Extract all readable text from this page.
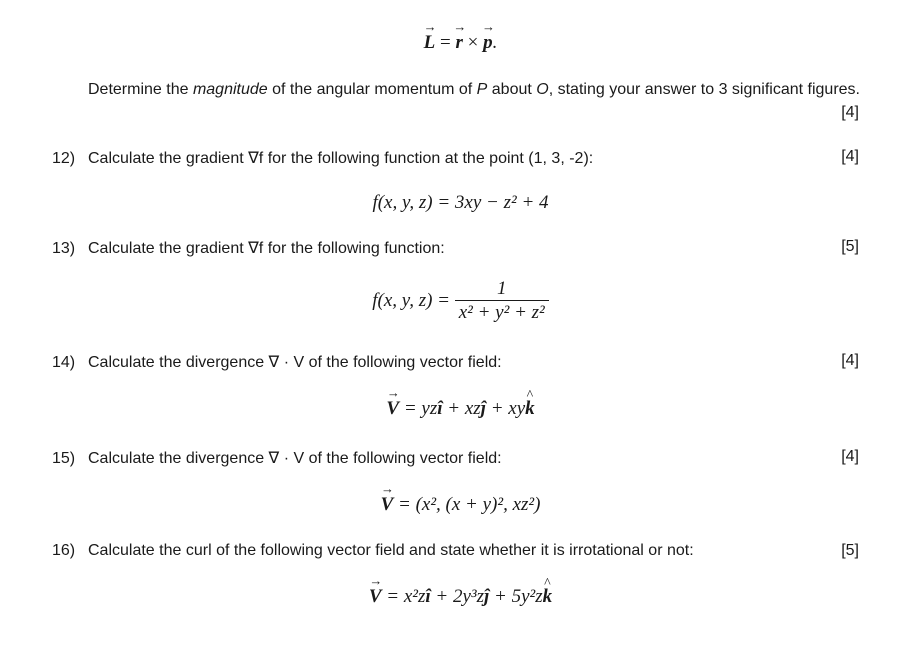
→ L = → r × → p.
Determine the magnitude of the angular momentum of P about O, stating your answer to 3 significant figures.
[4]
12) Calculate the gradient ∇f for the following function at the point (1, 3, -2):	[4]
f(x, y, z) = 3xy − z² + 4
13) Calculate the gradient ∇f for the following function:	[5]
f(x, y, $z) = \frac{1}{\text{x² + y² + z²}}$
14) Calculate the divergence ∇ · V of the following vector field:	[4]
→ V = yzî + xzĵ + xy^ k
15) Calculate the divergence ∇ · V of the following vector field:	[4]
→ V = (x², (x + y)², xz²)
16) Calculate the curl of the following vector field and state whether it is irrotational or not:	[5]
→ V = x²zî + 2y³zĵ + 5y²z^ k
